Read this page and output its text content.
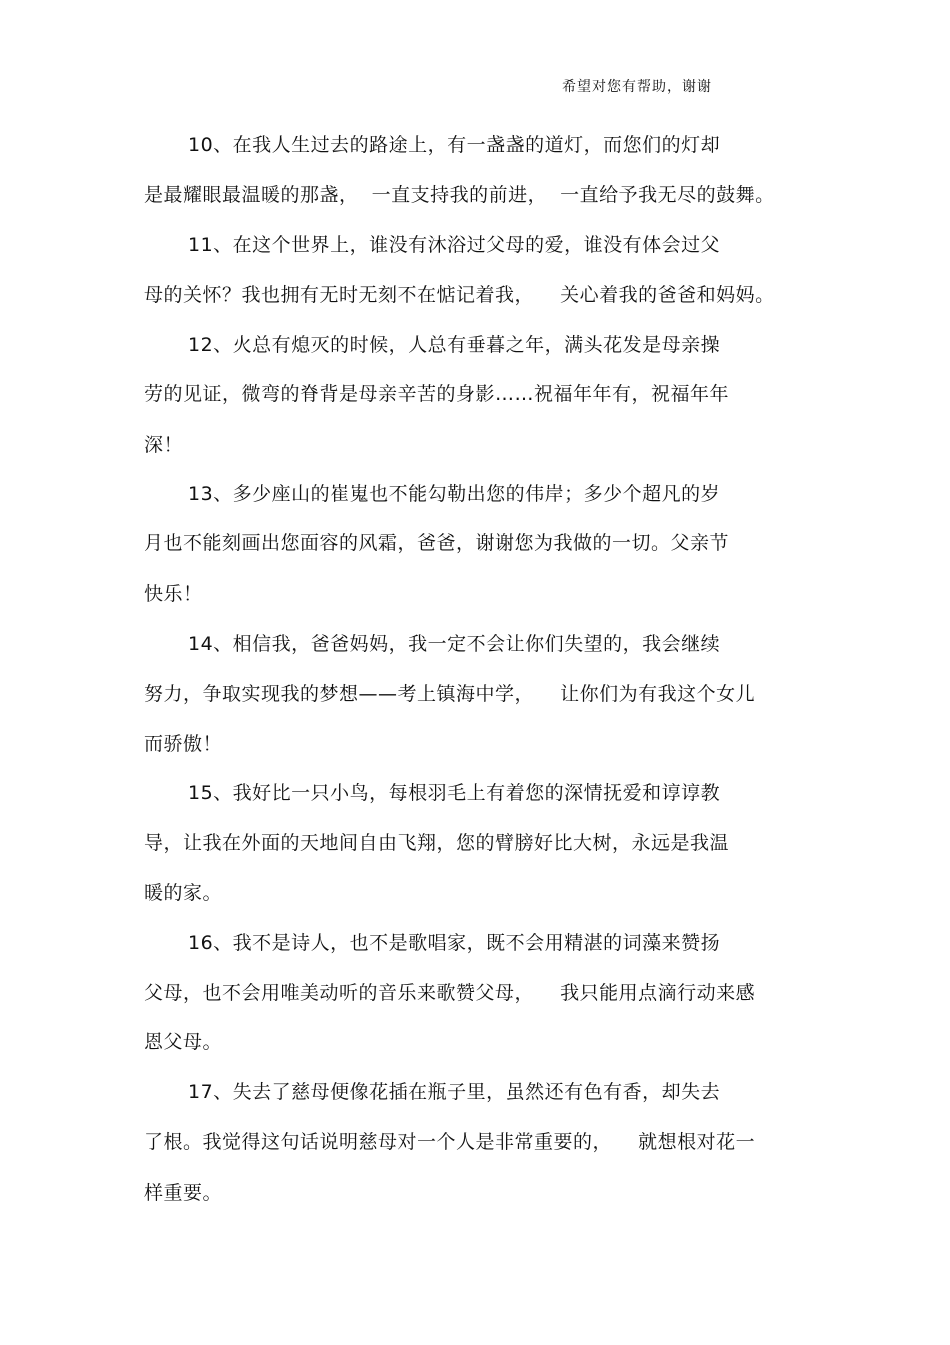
希望对您有帮助，谢谢
10、在我人生过去的路途上，有一盏盏的道灯，而您们的灯却
是最耀眼最温暖的那盏，  一直支持我的前进，  一直给予我无尽的鼓舞。
11、在这个世界上，谁没有沐浴过父母的爱，谁没有体会过父
母的关怀？我也拥有无时无刻不在惦记着我，    关心着我的爸爸和妈妈。
12、火总有熄灭的时候，人总有垂暮之年，满头花发是母亲操
劳的见证，微弯的脊背是母亲辛苦的身影……祝福年年有，祝福年年
深！
13、多少座山的崔嵬也不能勾勒出您的伟岸；多少个超凡的岁
月也不能刻画出您面容的风霜，爸爸，谢谢您为我做的一切。父亲节
快乐！
14、相信我，爸爸妈妈，我一定不会让你们失望的，我会继续
努力，争取实现我的梦想——考上镇海中学，    让你们为有我这个女儿
而骄傲！
15、我好比一只小鸟，每根羽毛上有着您的深情抚爱和谆谆教
导，让我在外面的天地间自由飞翔，您的臂膀好比大树，永远是我温
暖的家。
16、我不是诗人，也不是歌唱家，既不会用精湛的词藻来赞扬
父母，也不会用唯美动听的音乐来歌赞父母，    我只能用点滴行动来感
恩父母。
17、失去了慈母便像花插在瓶子里，虽然还有色有香，却失去
了根。我觉得这句话说明慈母对一个人是非常重要的，    就想根对花一
样重要。
